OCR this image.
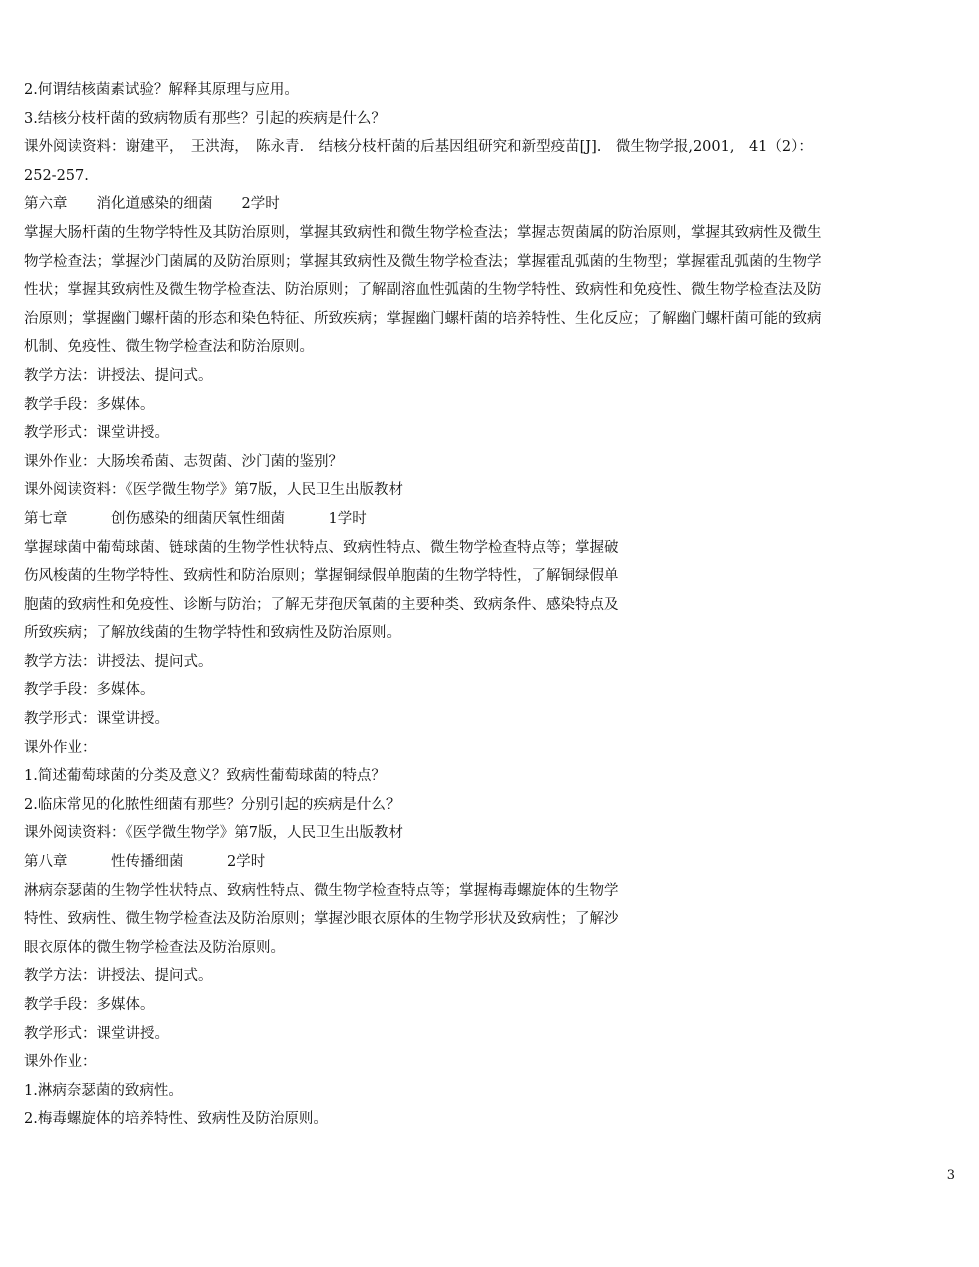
2.何谓结核菌素试验？解释其原理与应用。
3.结核分枝杆菌的致病物质有那些？引起的疾病是什么？
课外阅读资料：谢建平，　王洪海，　陈永青.　结核分枝杆菌的后基因组研究和新型疫苗[J].　微生物学报,2001,　41（2）：
252-257.
第六章　　消化道感染的细菌　　2学时
掌握大肠杆菌的生物学特性及其防治原则，掌握其致病性和微生物学检查法；掌握志贺菌属的防治原则，掌握其致病性及微生
物学检查法；掌握沙门菌属的及防治原则；掌握其致病性及微生物学检查法；掌握霍乱弧菌的生物型；掌握霍乱弧菌的生物学
性状；掌握其致病性及微生物学检查法、防治原则；了解副溶血性弧菌的生物学特性、致病性和免疫性、微生物学检查法及防
治原则；掌握幽门螺杆菌的形态和染色特征、所致疾病；掌握幽门螺杆菌的培养特性、生化反应；了解幽门螺杆菌可能的致病
机制、免疫性、微生物学检查法和防治原则。
教学方法：讲授法、提问式。
教学手段：多媒体。
教学形式：课堂讲授。
课外作业：大肠埃希菌、志贺菌、沙门菌的鉴别？
课外阅读资料：《医学微生物学》第7版，人民卫生出版教材
第七章　　　创伤感染的细菌厌氧性细菌　　　1学时
掌握球菌中葡萄球菌、链球菌的生物学性状特点、致病性特点、微生物学检查特点等；掌握破
伤风梭菌的生物学特性、致病性和防治原则；掌握铜绿假单胞菌的生物学特性，了解铜绿假单
胞菌的致病性和免疫性、诊断与防治；了解无芽孢厌氧菌的主要种类、致病条件、感染特点及
所致疾病；了解放线菌的生物学特性和致病性及防治原则。
教学方法：讲授法、提问式。
教学手段：多媒体。
教学形式：课堂讲授。
课外作业：
1.简述葡萄球菌的分类及意义？致病性葡萄球菌的特点？
2.临床常见的化脓性细菌有那些？分别引起的疾病是什么？
课外阅读资料：《医学微生物学》第7版，人民卫生出版教材
第八章　　　性传播细菌　　　2学时
淋病奈瑟菌的生物学性状特点、致病性特点、微生物学检查特点等；掌握梅毒螺旋体的生物学
特性、致病性、微生物学检查法及防治原则；掌握沙眼衣原体的生物学形状及致病性；了解沙
眼衣原体的微生物学检查法及防治原则。
教学方法：讲授法、提问式。
教学手段：多媒体。
教学形式：课堂讲授。
课外作业：
1.淋病奈瑟菌的致病性。
2.梅毒螺旋体的培养特性、致病性及防治原则。
3
